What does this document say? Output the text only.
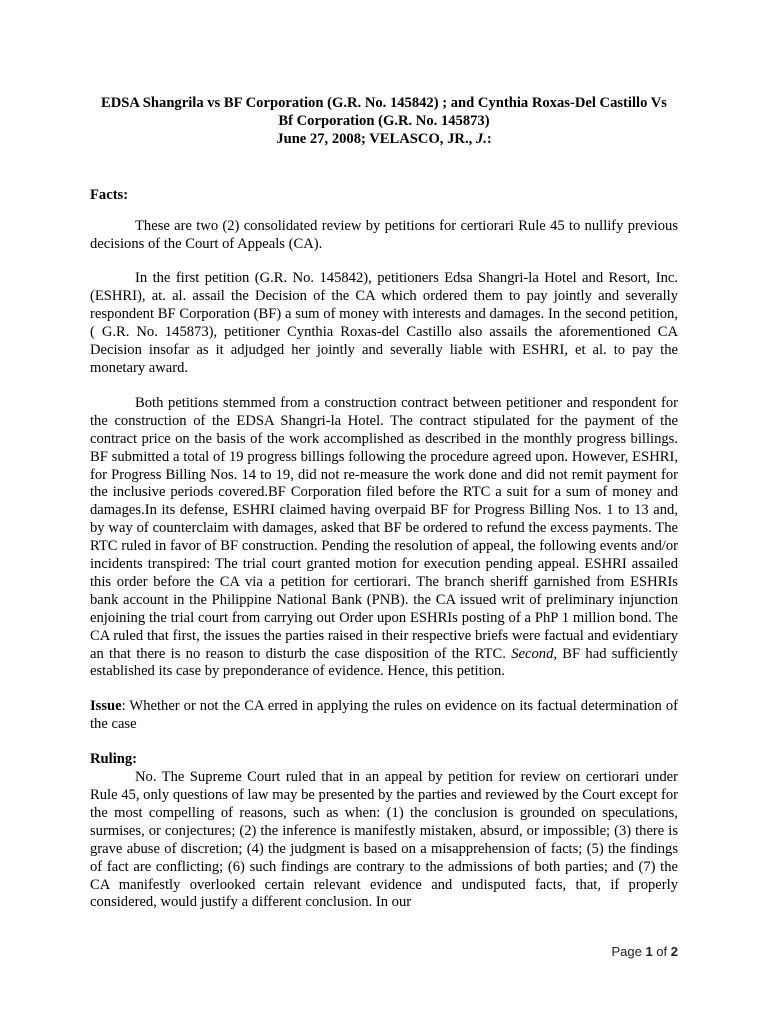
EDSA Shangrila vs BF Corporation (G.R. No. 145842) ; and Cynthia Roxas-Del Castillo Vs

Bf Corporation (G.R. No. 145873)

June 27, 2008; VELASCO, JR., J.:

Facts:

These are two (2) consolidated review by petitions for certiorari Rule 45 to nullify previous decisions of the Court of Appeals (CA).

In the first petition (G.R. No. 145842), petitioners Edsa Shangri-la Hotel and Resort, Inc. (ESHRI), at. al. assail the Decision of the CA which ordered them to pay jointly and severally respondent BF Corporation (BF) a sum of money with interests and damages. In the second petition, ( G.R. No. 145873), petitioner Cynthia Roxas-del Castillo also assails the aforementioned CA Decision insofar as it adjudged her jointly and severally liable with ESHRI, et al. to pay the monetary award.

Both petitions stemmed from a construction contract between petitioner and respondent for the construction of the EDSA Shangri-la Hotel. The contract stipulated for the payment of the contract price on the basis of the work accomplished as described in the monthly progress billings. BF submitted a total of 19 progress billings following the procedure agreed upon. However, ESHRI, for Progress Billing Nos. 14 to 19, did not re-measure the work done and did not remit payment for the inclusive periods covered.BF Corporation filed before the RTC a suit for a sum of money and damages.In its defense, ESHRI claimed having overpaid BF for Progress Billing Nos. 1 to 13 and, by way of counterclaim with damages, asked that BF be ordered to refund the excess payments. The RTC ruled in favor of BF construction. Pending the resolution of appeal, the following events and/or incidents transpired: The trial court granted motion for execution pending appeal. ESHRI assailed this order before the CA via a petition for certiorari. The branch sheriff garnished from ESHRIs bank account in the Philippine National Bank (PNB). the CA issued writ of preliminary injunction enjoining the trial court from carrying out Order upon ESHRIs posting of a PhP 1 million bond. The CA ruled that first, the issues the parties raised in their respective briefs were factual and evidentiary an that there is no reason to disturb the case disposition of the RTC. Second, BF had sufficiently established its case by preponderance of evidence. Hence, this petition.

Issue: Whether or not the CA erred in applying the rules on evidence on its factual determination of the case

Ruling:

No. The Supreme Court ruled that in an appeal by petition for review on certiorari under Rule 45, only questions of law may be presented by the parties and reviewed by the Court except for the most compelling of reasons, such as when: (1) the conclusion is grounded on speculations, surmises, or conjectures; (2) the inference is manifestly mistaken, absurd, or impossible; (3) there is grave abuse of discretion; (4) the judgment is based on a misapprehension of facts; (5) the findings of fact are conflicting; (6) such findings are contrary to the admissions of both parties; and (7) the CA manifestly overlooked certain relevant evidence and undisputed facts, that, if properly considered, would justify a different conclusion. In our

Page 1 of 2
